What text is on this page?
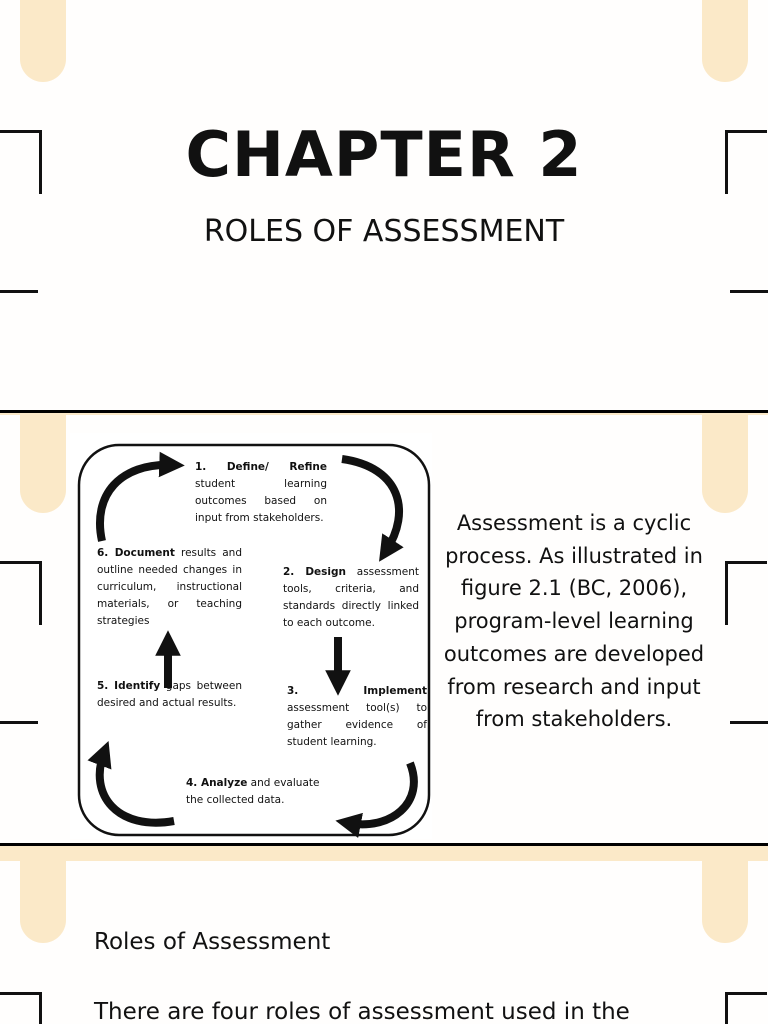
CHAPTER 2
ROLES OF ASSESSMENT
1. Define/ Refine student learning outcomes based on input from stakeholders.
2. Design assessment tools, criteria, and standards directly linked to each outcome.
3. Implement assessment tool(s) to gather evidence of student learning.
4. Analyze and evaluate the collected data.
5. Identify gaps between desired and actual results.
6. Document results and outline needed changes in curriculum, instructional materials, or teaching strategies
Assessment is a cyclic process. As illustrated in figure 2.1 (BC, 2006), program-level learning outcomes are developed from research and input from stakeholders.
Roles of Assessment
There are four roles of assessment used in the
